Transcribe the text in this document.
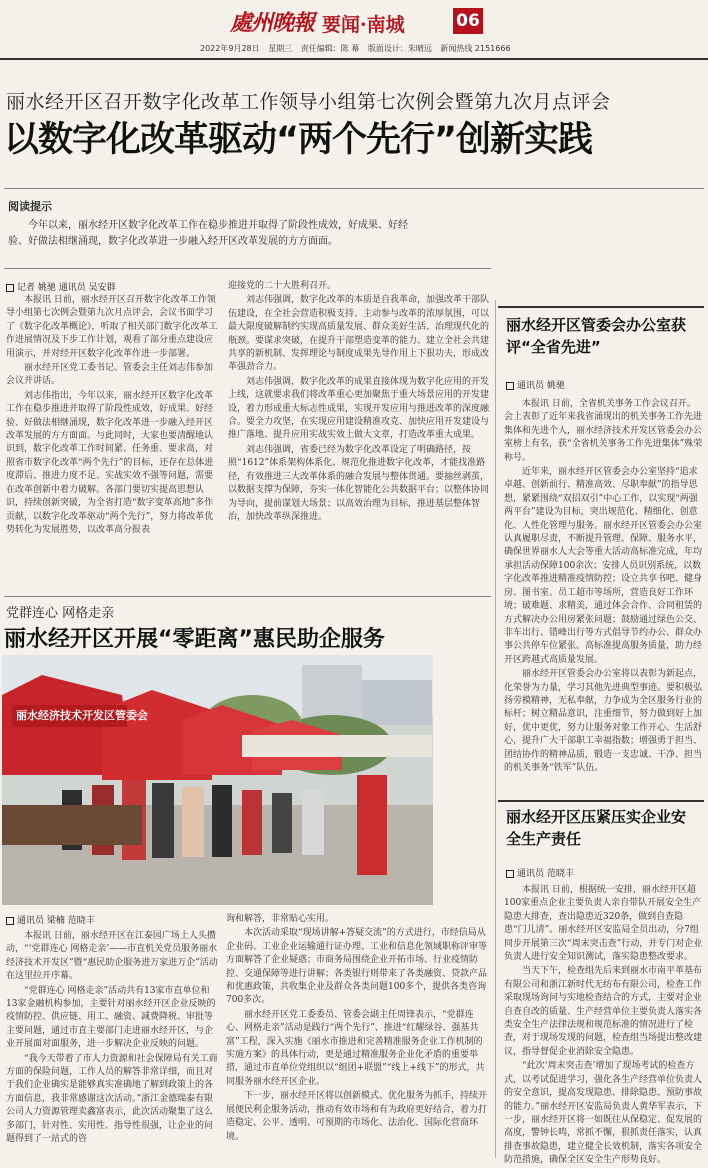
處州晚報 要闻·南城	06
2022年9月28日 星期三 责任编辑：陈 幕 版面设计：朱晴远 新闻热线 2151666
丽水经开区召开数字化改革工作领导小组第七次例会暨第九次月点评会
以数字化改革驱动“两个先行”创新实践
阅读提示
今年以来，丽水经开区数字化改革工作在稳步推进并取得了阶段性成效，好成果、好经验、好做法相继涌现，数字化改革进一步融入经开区改革发展的方方面面。
记者 姚驰 通讯员 吴安群

本报讯 日前，丽水经开区召开数字化改革工作领导小组第七次例会暨第九次月点评会，会议书面学习了《数字化改革概论》，听取了相关部门数字化改革工作进展情况及下步工作计划，观看了部分重点建设应用演示，并对经开区数字化改革作进一步部署。

丽水经开区党工委书记、管委会主任刘志伟参加会议并讲话。

刘志伟指出，今年以来，丽水经开区数字化改革工作在稳步推进并取得了阶段性成效，好成果、好经验、好做法相继涌现，数字化改革进一步融入经开区改革发展的方方面面。与此同时，大家也要清醒地认识到，数字化改革工作时间紧、任务重、要求高，对照省市数字化改革“两个先行”的目标，还存在总体进度滞后、推进力度不足、实战实效不强等问题，需要在改革创新中着力破解。各部门要切实提高思想认识，持续创新突破，为全省打造“数字变革高地”多作贡献，以数字化改革驱动“两个先行”，努力将改革优势转化为发展胜势，以改革高分报表

迎接党的二十大胜利召开。

刘志伟强调，数字化改革的本质是自我革命，加强改革干部队伍建设，在全社会营造积极支持、主动参与改革的浓厚氛围，可以最大限度破解制约实现高质量发展、群众美好生活、治理现代化的瓶颈。要谋求突破，在提升干部塑造变革的能力、建立全社会共建共享的新机制、发挥理论与制度成果先导作用上下狠功夫，形成改革强劲合力。

刘志伟强调，数字化改革的成果直接体现为数字化应用的开发上线，这就要求我们将改革重心更加聚焦于重大场景应用的开发建设，着力形成重大标志性成果，实现开发应用与推进改革的深度融合。要全力攻坚，在实现应用建设精准攻克、加快应用开发建设与推广落地、提升应用实战实效上做大文章，打造改革重大成果。

刘志伟强调，省委已经为数字化改革设定了明确路径，按照“1612”体系架构体系化、规范化推进数字化改革，才能找准路径，有效推进三大改革体系的融合发展与整体贯通。要抽丝剥茧，以数据支撑为保障，夯实一体化智能化公共数据平台；以整体协同为导向，提前谋划大场景；以高效治理为目标，推进基层整体智治，加快改革纵深推进。

丽水经开区管委会办公室获评“全省先进”
通讯员 姚驰

本报讯 日前，全省机关事务工作会议召开。会上表彰了近年来我省涌现出的机关事务工作先进集体和先进个人，丽水经济技术开发区管委会办公室榜上有名，获“全省机关事务工作先进集体”殊荣称号。

近年来，丽水经开区管委会办公室坚持“追求卓越、创新前行、精准高效、尽职奉献”的指导思想，紧紧围绕“双招双引”中心工作，以实现“两强两平台”建设为目标，突出规范化、精细化、创意化、人性化管理与服务。丽水经开区管委会办公室认真履职尽责，不断提升管理、保障、服务水平，确保世界丽水人大会等重大活动高标准完成，年均承担活动保障100余次；安排人员识别系统，以数字化改革推进精准疫情防控；设立共享书吧、健身房、图书室、员工超市等场所，营造良好工作环境；破难题、求精美，通过体会合作、合同租赁的方式解决办公用房紧张问题；鼓励通过绿色公交、非车出行、错峰出行等方式倡导节约办公、群众办事公共停车位紧张。高标准提高服务质量，助力经开区跨越式高质量发展。

丽水经开区管委会办公室将以表彰为新起点，化荣誉为力量，学习其他先进典型事迹。要积极弘扬劳模精神，无私奉献，力争成为全区服务行业的标杆；树立精品意识，注重细节，努力做到好上加好，优中更优，努力让服务对象工作开心、生活舒心，提升广大干部职工幸福指数；增强勇于担当、团结协作的精神品质，锻造一支忠诚、干净、担当的机关事务“铁军”队伍。

丽水经开区压紧压实企业安全生产责任
通讯员 范晓丰

本报讯 日前，根据统一安排，丽水经开区超100家重点企业主要负责人亲自带队开展安全生产隐患大排查，查出隐患近320条，做到自查隐患“门儿清”。丽水经开区安监局全员出动，分7组同步开展第三次“周末突击查”行动，并专门对企业负责人进行安全知识测试，落实隐患整改要求。

当天下午，检查组先后来到丽水市南平革基布有限公司和浙江新时代无纺布有限公司，检查工作采取现场询问与实地检查结合的方式，主要对企业自查自改的质量、生产经营单位主要负责人落实各类安全生产法律法规和规范标准的情况进行了检查，对于现场发现的问题，检查组当场提出整改建议，指导督促企业消除安全隐患。

“此次‘周末突击查’增加了现场考试的检查方式，以考试促进学习，强化各生产经营单位负责人的安全意识，提高发现隐患、排除隐患、预防事故的能力。”丽水经开区安监局负责人黄华军表示，下一步，丽水经开区将一如既往从保稳定、促发展的高度，警钟长鸣，常抓不懈，狠抓责任落实，认真排查事故隐患，建立健全长效机制，落实各项安全防范措施，确保全区安全生产形势良好。

党群连心 网格走亲
丽水经开区开展“零距离”惠民助企服务
丽水经济技术开发区管委会
通讯员 梁楠 范晓丰

本报讯 日前，丽水经开区在江泰园广场上人头攒动，“‘党群连心 网格走亲’——市直机关党员服务丽水经济技术开发区”暨“惠民助企服务进万家进万企”活动在这里拉开序幕。

“党群连心 网格走亲”活动共有13家市直单位和13家金融机构参加，主要针对丽水经开区企业反映的疫情防控、供应链、用工、融资、减费降税、审批等主要问题，通过市直主要部门走进丽水经开区，与企业开展面对面服务，进一步解决企业反映的问题。

“我今天带着了市人力资源和社会保障局有关工商方面的保险问题，工作人员的解答非常详细，而且对于我们企业确实是能够真实准确地了解到政策上的各方面信息，我非常感谢这次活动。”浙江金德瑞泰有限公司人力资源管理卖鑫富表示，此次活动聚集了这么多部门，针对性、实用性、指导性很强，让企业的问题得到了一站式的咨

询和解答，非常贴心实用。

本次活动采取“现场讲解+答疑交流”的方式进行，市经信局从企业码、工业企业运输通行证办理、工业和信息化领域职称评审等方面解答了企业疑惑；市商务局围绕企业开拓市场、行业疫情防控、交通保障等进行讲解；各类银行则带来了各类融资、贷款产品和优惠政策，共收集企业及群众各类问题100多个，提供各类咨询700多次。

丽水经开区党工委委员、管委会副主任周锋表示，“党群连心、网格走亲”活动是践行“两个先行”、推进“红耀绿谷、强基共富”工程，深入实施《丽水市推进和完善精准服务企业工作机制的实施方案》的具体行动，更是通过精准服务企业化矛盾的重要举措，通过市直单位党组织以“组团+联盟”“线上+线下”的形式，共同服务丽水经开区企业。

下一步，丽水经开区将以创新模式、优化服务为抓手，持续开展便民利企服务活动，推动有效市场和有为政府更好结合，着力打造稳定、公平、透明、可预期的市场化、法治化、国际化营商环境。
